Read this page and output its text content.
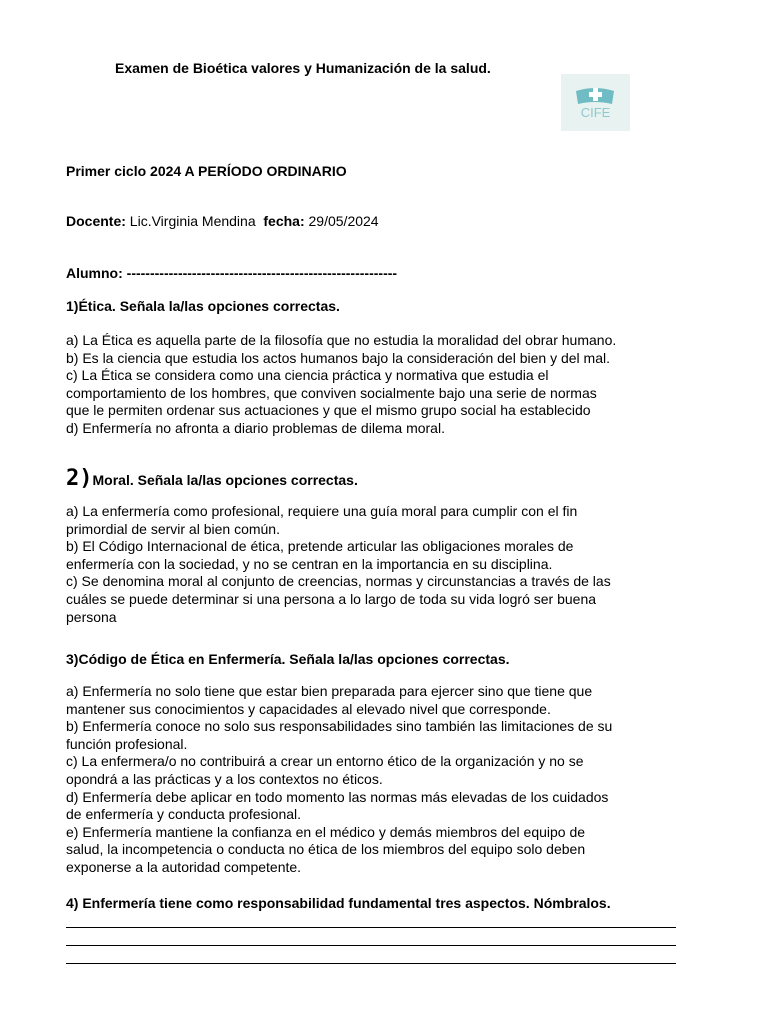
Examen de Bioética valores y Humanización de la salud.
CIFE
Primer ciclo 2024 A PERÍODO ORDINARIO
Docente: Lic.Virginia Mendina  fecha: 29/05/2024
Alumno: ----------------------------------------------------------
1)Ética. Señala la/las opciones correctas.
a) La Ética es aquella parte de la filosofía que no estudia la moralidad del obrar humano.
b) Es la ciencia que estudia los actos humanos bajo la consideración del bien y del mal.
c) La Ética se considera como una ciencia práctica y normativa que estudia el
comportamiento de los hombres, que conviven socialmente bajo una serie de normas
que le permiten ordenar sus actuaciones y que el mismo grupo social ha establecido
d) Enfermería no afronta a diario problemas de dilema moral.
2)Moral. Señala la/las opciones correctas.
a) La enfermería como profesional, requiere una guía moral para cumplir con el fin
primordial de servir al bien común.
b) El Código Internacional de ética, pretende articular las obligaciones morales de
enfermería con la sociedad, y no se centran en la importancia en su disciplina.
c) Se denomina moral al conjunto de creencias, normas y circunstancias a través de las
cuáles se puede determinar si una persona a lo largo de toda su vida logró ser buena
persona
3)Código de Ética en Enfermería. Señala la/las opciones correctas.
a) Enfermería no solo tiene que estar bien preparada para ejercer sino que tiene que
mantener sus conocimientos y capacidades al elevado nivel que corresponde.
b) Enfermería conoce no solo sus responsabilidades sino también las limitaciones de su
función profesional.
c) La enfermera/o no contribuirá a crear un entorno ético de la organización y no se
opondrá a las prácticas y a los contextos no éticos.
d) Enfermería debe aplicar en todo momento las normas más elevadas de los cuidados
de enfermería y conducta profesional.
e) Enfermería mantiene la confianza en el médico y demás miembros del equipo de
salud, la incompetencia o conducta no ética de los miembros del equipo solo deben
exponerse a la autoridad competente.
4) Enfermería tiene como responsabilidad fundamental tres aspectos. Nómbralos.
